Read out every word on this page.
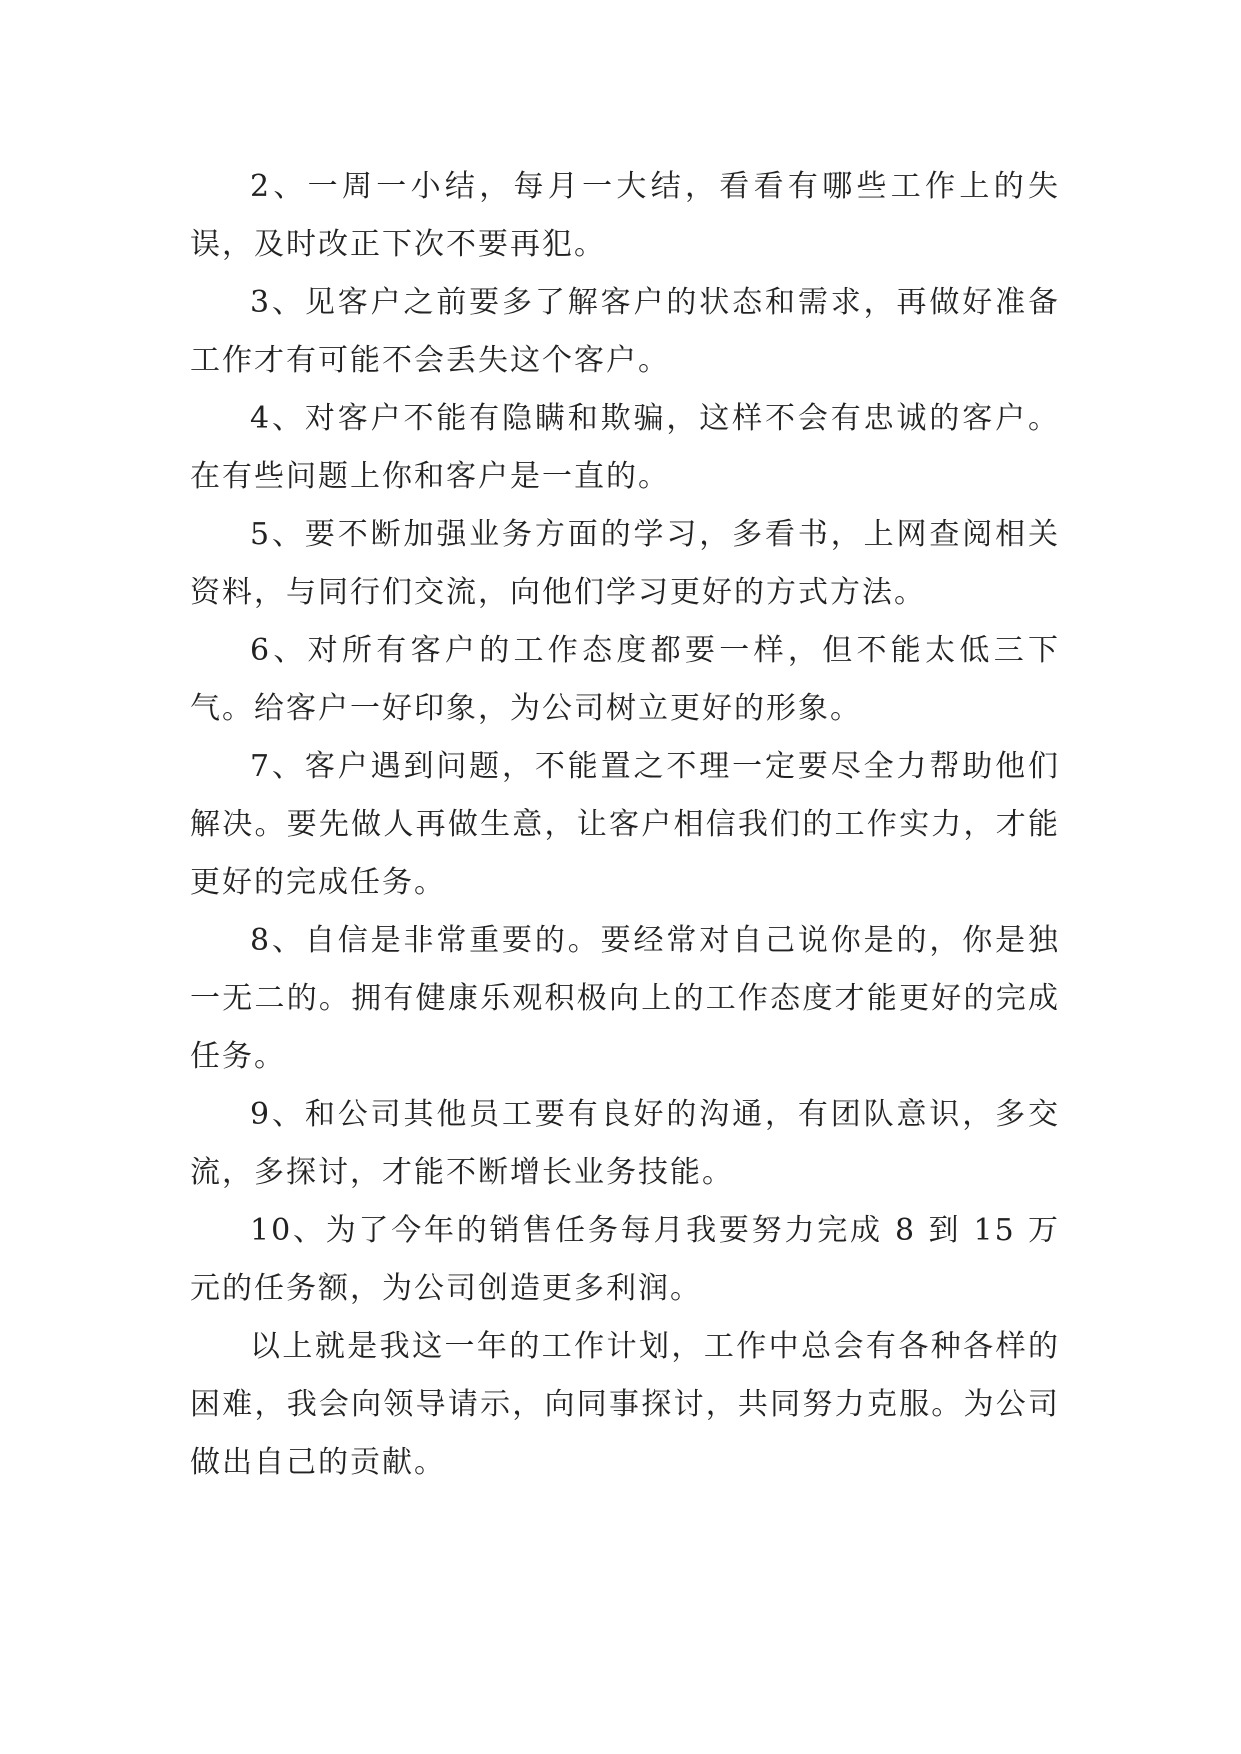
2、一周一小结，每月一大结，看看有哪些工作上的失误，及时改正下次不要再犯。

3、见客户之前要多了解客户的状态和需求，再做好准备工作才有可能不会丢失这个客户。

4、对客户不能有隐瞒和欺骗，这样不会有忠诚的客户。在有些问题上你和客户是一直的。

5、要不断加强业务方面的学习，多看书，上网查阅相关资料，与同行们交流，向他们学习更好的方式方法。

6、对所有客户的工作态度都要一样，但不能太低三下气。给客户一好印象，为公司树立更好的形象。

7、客户遇到问题，不能置之不理一定要尽全力帮助他们解决。要先做人再做生意，让客户相信我们的工作实力，才能更好的完成任务。

8、自信是非常重要的。要经常对自己说你是的，你是独一无二的。拥有健康乐观积极向上的工作态度才能更好的完成任务。

9、和公司其他员工要有良好的沟通，有团队意识，多交流，多探讨，才能不断增长业务技能。

10、为了今年的销售任务每月我要努力完成 8 到 15 万元的任务额，为公司创造更多利润。

以上就是我这一年的工作计划，工作中总会有各种各样的困难，我会向领导请示，向同事探讨，共同努力克服。为公司做出自己的贡献。
